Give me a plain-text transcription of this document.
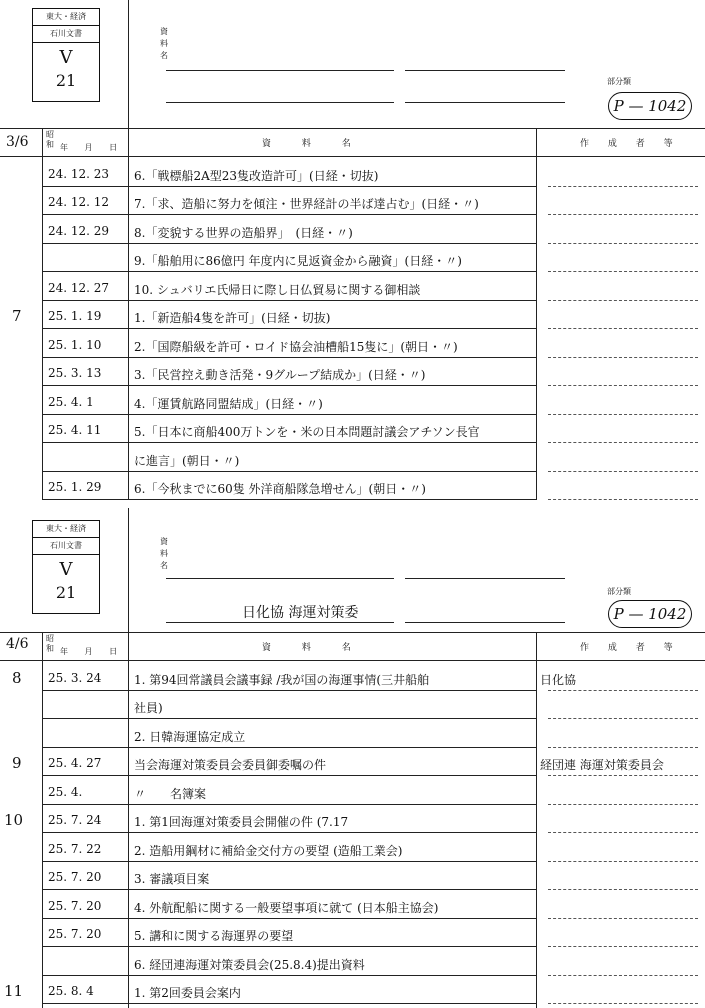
東大・経済
石川文書
V
21
資料名
部分類
P — 1042
3/6 昭和 年 月 日	資 料 名	作 成 者 等
24. 12. 23 6.「戦標船2A型23隻改造許可」(日経・切抜)
24. 12. 12 7.「求、造船に努力を傾注・世界経計の半ば達占む」(日経・〃)
24. 12. 29 8.「変貌する世界の造船界」　(日経・〃)
9.「船舶用に86億円 年度内に見返資金から融資」(日経・〃)
24. 12. 27 10. シュバリエ氏帰日に際し日仏貿易に関する御相談
7 25. 1. 19	1.「新造船4隻を許可」(日経・切抜)
25. 1. 10	2.「国際船級を許可・ロイド協会油槽船15隻に」(朝日・〃)
25. 3. 13	3.「民営控え動き活発・9グループ結成か」(日経・〃)
25. 4. 1	4.「運賃航路同盟結成」(日経・〃)
25. 4. 11	5.「日本に商船400万トンを・米の日本問題討議会アチソン長官
に進言」(朝日・〃)
25. 1. 29	6.「今秋までに60隻 外洋商船隊急増せん」(朝日・〃)
東大・経済
石川文書
V
21
資料名
日化協 海運対策委
部分類
P — 1042
4/6 昭和 年 月 日	資 料 名	作 成 者 等
8 25. 3. 24	1. 第94回常議員会議事録 /我が国の海運事情(三井船舶	日化協
社員)
2. 日韓海運協定成立
9 25. 4. 27	当会海運対策委員会委員御委嘱の件	経団連 海運対策委員会
25. 4.	〃　　名簿案
10 25. 7. 24	1. 第1回海運対策委員会開催の件 (7.17
25. 7. 22	2. 造船用鋼材に補給金交付方の要望 (造船工業会)
25. 7. 20	3. 審議項目案
25. 7. 20	4. 外航配船に関する一般要望事項に就て (日本船主協会)
25. 7. 20	5. 講和に関する海運界の要望
6. 経団連海運対策委員会(25.8.4)提出資料
11 25. 8. 4	1. 第2回委員会案内
